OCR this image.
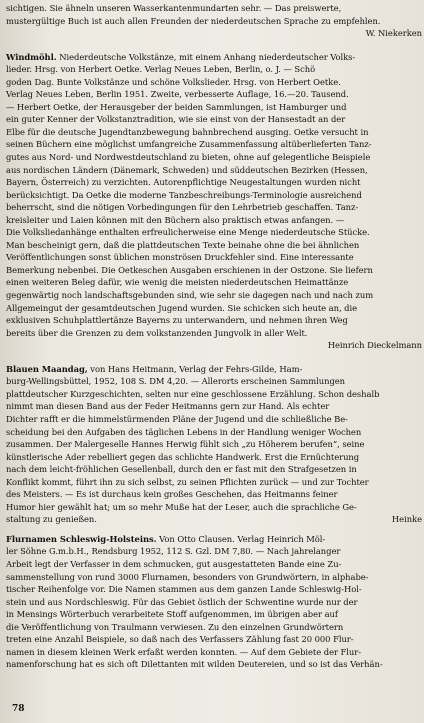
sichtigen. Sie ähneln unseren Wasserkantenmundarten sehr. — Das preiswerte,

mustergültige Buch ist auch allen Freunden der niederdeutschen Sprache zu empfehlen.

W. Niekerken

Windmöhl. Niederdeutsche Volkstänze, mit einem Anhang niederdeutscher Volks-

lieder. Hrsg. von Herbert Oetke. Verlag Neues Leben, Berlin, o. J. — Schö

goden Dag. Bunte Volkstänze und schöne Volkslieder. Hrsg. von Herbert Oetke.

Verlag Neues Leben, Berlin 1951. Zweite, verbesserte Auflage, 16.—20. Tausend.

— Herbert Oetke, der Herausgeber der beiden Sammlungen, ist Hamburger und

ein guter Kenner der Volkstanztradition, wie sie einst von der Hansestadt an der

Elbe für die deutsche Jugendtanzbewegung bahnbrechend ausging. Oetke versucht in

seinen Büchern eine möglichst umfangreiche Zusammenfassung altüberlieferten Tanz-

gutes aus Nord- und Nordwestdeutschland zu bieten, ohne auf gelegentliche Beispiele

aus nordischen Ländern (Dänemark, Schweden) und süddeutschen Bezirken (Hessen,

Bayern, Österreich) zu verzichten. Autorenpflichtige Neugestaltungen wurden nicht

berücksichtigt. Da Oetke die moderne Tanzbeschreibungs-Terminologie ausreichend

beherrscht, sind die nötigen Vorbedingungen für den Lehrbetrieb geschaffen. Tanz-

kreisleiter und Laien können mit den Büchern also praktisch etwas anfangen. —

Die Volksliedanhänge enthalten erfreulicherweise eine Menge niederdeutsche Stücke.

Man bescheinigt gern, daß die plattdeutschen Texte beinahe ohne die bei ähnlichen

Veröffentlichungen sonst üblichen monströsen Druckfehler sind. Eine interessante

Bemerkung nebenbei. Die Oetkeschen Ausgaben erschienen in der Ostzone. Sie liefern

einen weiteren Beleg dafür, wie wenig die meisten niederdeutschen Heimattänze

gegenwärtig noch landschaftsgebunden sind, wie sehr sie dagegen nach und nach zum

Allgemeingut der gesamtdeutschen Jugend wurden. Sie schicken sich heute an, die

exklusiven Schuhplattlertänze Bayerns zu unterwandern, und nehmen ihren Weg

bereits über die Grenzen zu dem volkstanzenden Jungvolk in aller Welt.

Heinrich Dieckelmann

Blauen Maandag, von Hans Heitmann, Verlag der Fehrs-Gilde, Ham-

burg-Wellingsbüttel, 1952, 108 S. DM 4,20. — Allerorts erscheinen Sammlungen

plattdeutscher Kurzgeschichten, selten nur eine geschlossene Erzählung. Schon deshalb

nimmt man diesen Band aus der Feder Heitmanns gern zur Hand. Als echter

Dichter rafft er die himmelstürmenden Pläne der Jugend und die schließliche Be-

scheidung bei den Aufgaben des täglichen Lebens in der Handlung weniger Wochen

zusammen. Der Malergeselle Hannes Herwig fühlt sich „zu Höherem berufen“, seine

künstlerische Ader rebelliert gegen das schlichte Handwerk. Erst die Ernüchterung

nach dem leicht-fröhlichen Gesellenball, durch den er fast mit den Strafgesetzen in

Konflikt kommt, führt ihn zu sich selbst, zu seinen Pflichten zurück — und zur Tochter

des Meisters. — Es ist durchaus kein großes Geschehen, das Heitmanns feiner

Humor hier gewählt hat; um so mehr Muße hat der Leser, auch die sprachliche Ge-

staltung zu genießen.	Heinke

Flurnamen Schleswig-Holsteins. Von Otto Clausen. Verlag Heinrich Möl-

ler Söhne G.m.b.H., Rendsburg 1952, 112 S. Gzl. DM 7,80. — Nach jahrelanger

Arbeit legt der Verfasser in dem schmucken, gut ausgestatteten Bande eine Zu-

sammenstellung von rund 3000 Flurnamen, besonders von Grundwörtern, in alphabe-

tischer Reihenfolge vor. Die Namen stammen aus dem ganzen Lande Schleswig-Hol-

stein und aus Nordschleswig. Für das Gebiet östlich der Schwentine wurde nur der

in Mensings Wörterbuch verarbeitete Stoff aufgenommen, im übrigen aber auf

die Veröffentlichung von Traulmann verwiesen. Zu den einzelnen Grundwörtern

treten eine Anzahl Beispiele, so daß nach des Verfassers Zählung fast 20 000 Flur-

namen in diesem kleinen Werk erfaßt werden konnten. — Auf dem Gebiete der Flur-

namenforschung hat es sich oft Dilettanten mit wilden Deutereien, und so ist das Verhän-

78
